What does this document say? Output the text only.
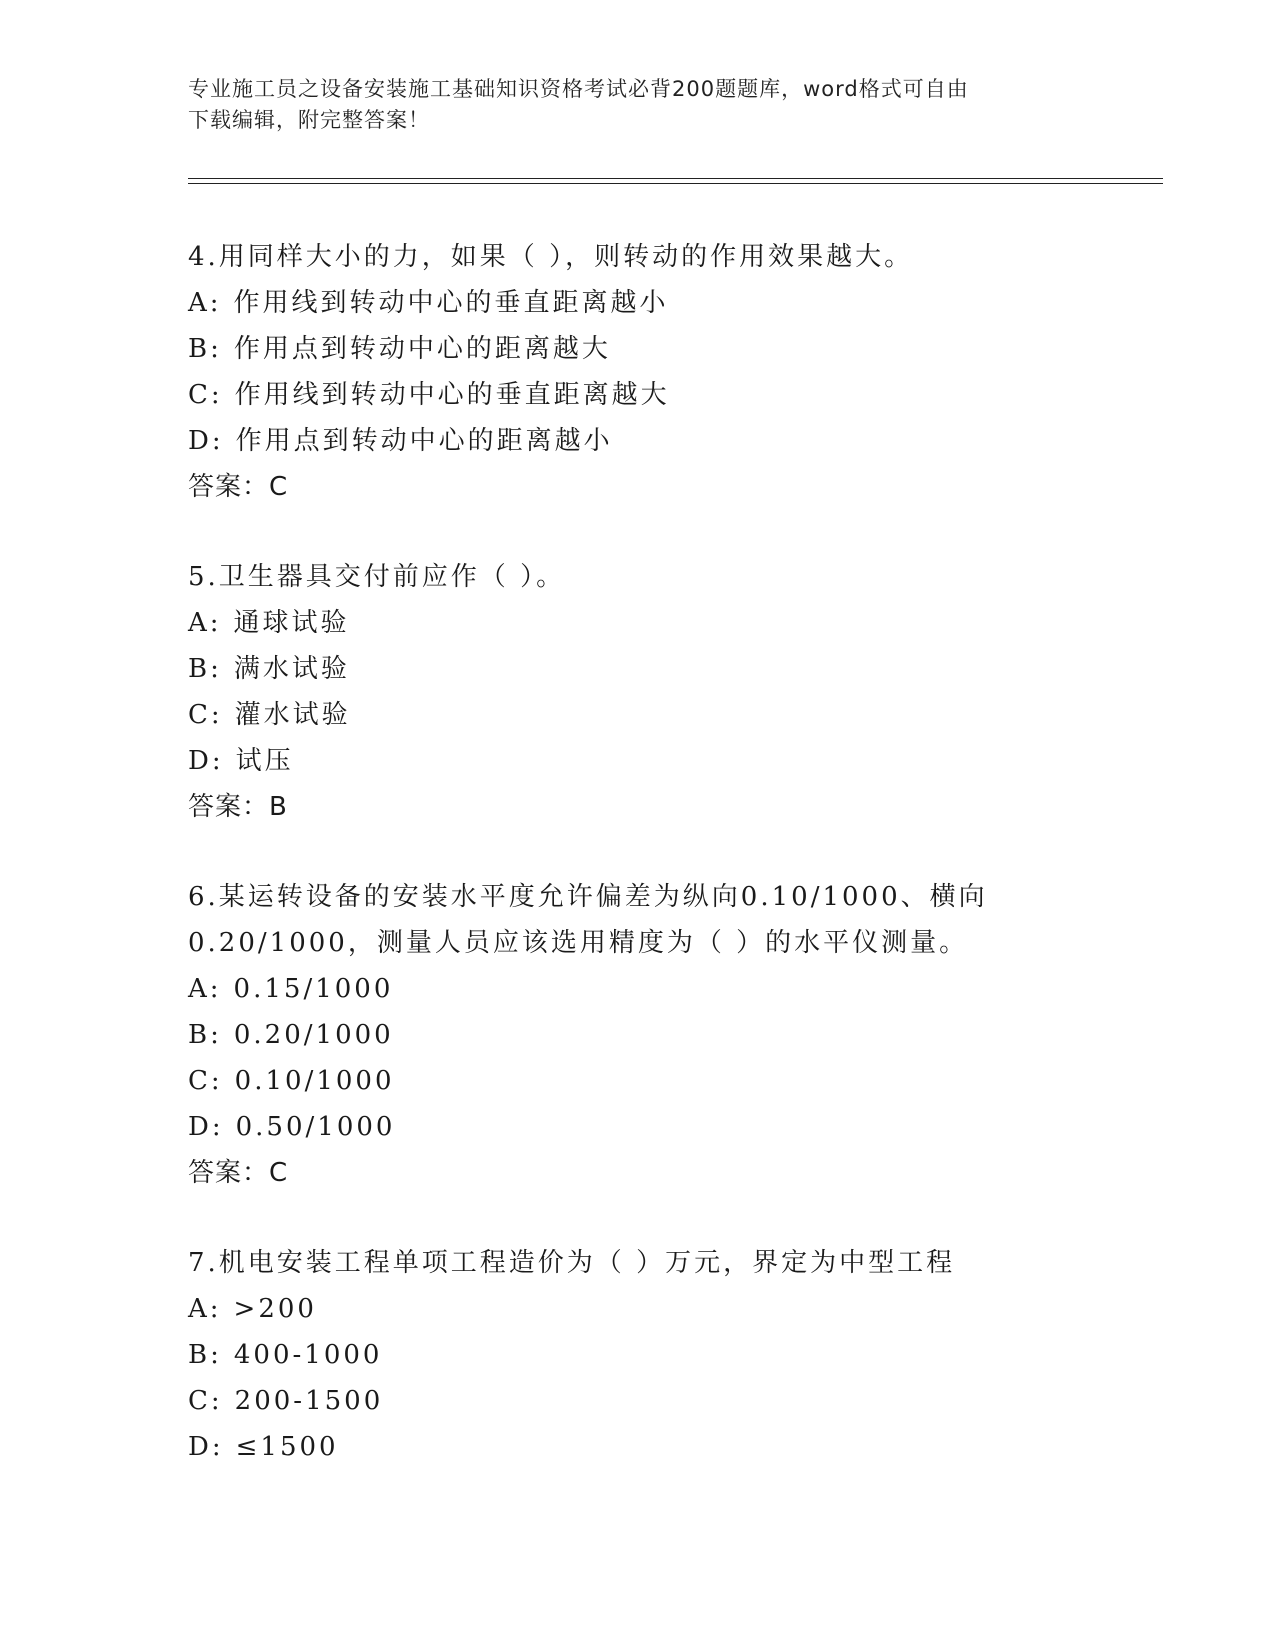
专业施工员之设备安装施工基础知识资格考试必背200题题库，word格式可自由
下载编辑，附完整答案！
4.用同样大小的力，如果（ ），则转动的作用效果越大。
A: 作用线到转动中心的垂直距离越小
B: 作用点到转动中心的距离越大
C: 作用线到转动中心的垂直距离越大
D: 作用点到转动中心的距离越小
答案：C
5.卫生器具交付前应作（ ）。
A: 通球试验
B: 满水试验
C: 灌水试验
D: 试压
答案：B
6.某运转设备的安装水平度允许偏差为纵向0.10/1000、横向
0.20/1000，测量人员应该选用精度为（ ）的水平仪测量。
A: 0.15/1000
B: 0.20/1000
C: 0.10/1000
D: 0.50/1000
答案：C
7.机电安装工程单项工程造价为（ ）万元，界定为中型工程
A: >200
B: 400-1000
C: 200-1500
D: ≤1500
